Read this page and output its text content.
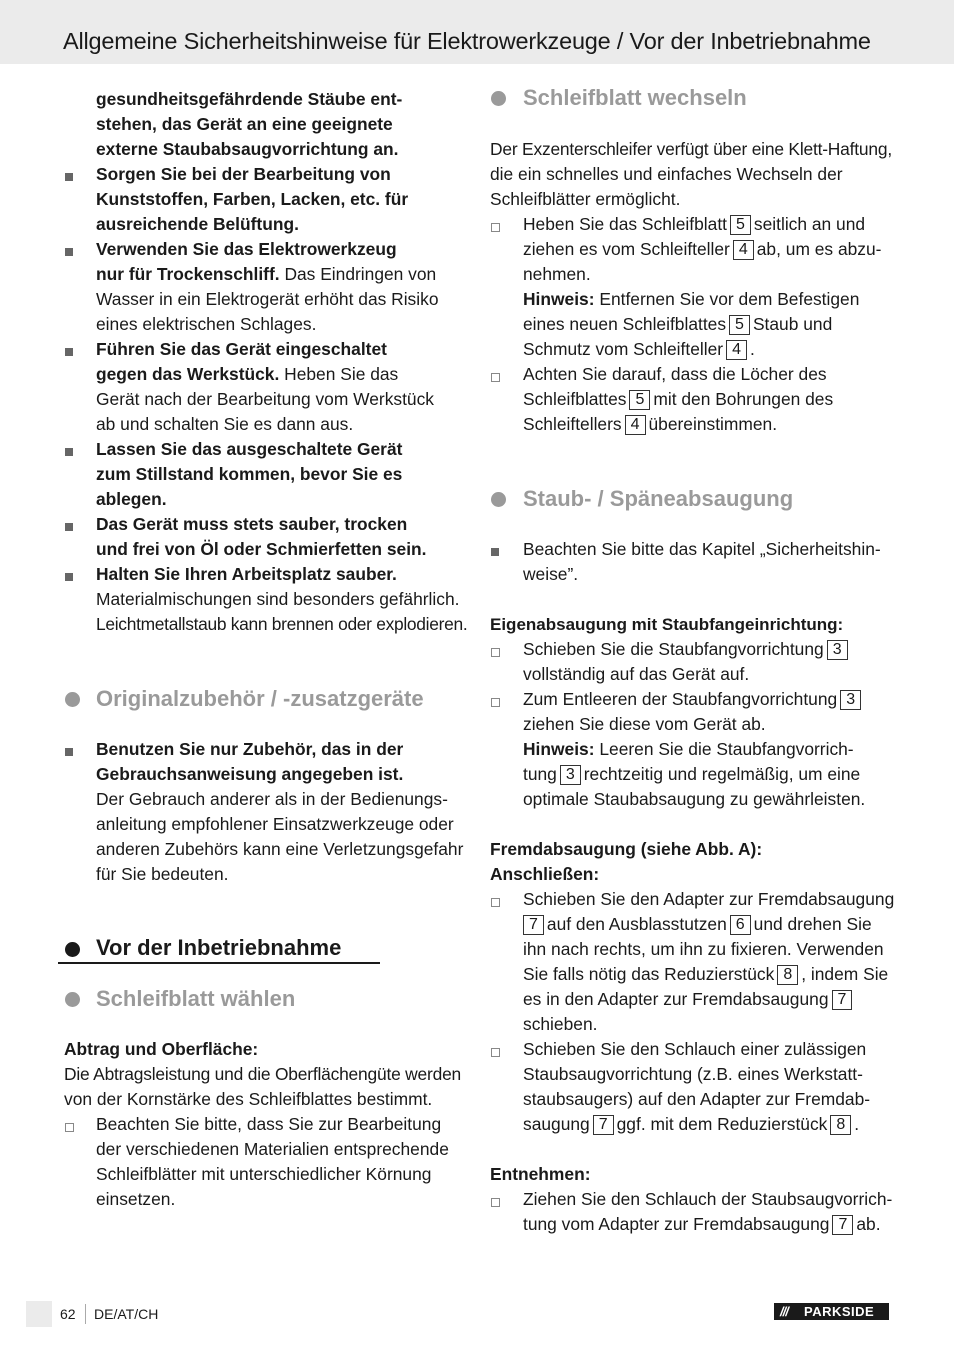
Allgemeine Sicherheitshinweise für Elektrowerkzeuge / Vor der Inbetriebnahme
gesundheitsgefährdende Stäube ent-
stehen, das Gerät an eine geeignete
externe Staubabsaugvorrichtung an.
Sorgen Sie bei der Bearbeitung von
Kunststoffen, Farben, Lacken, etc. für
ausreichende Belüftung.
Verwenden Sie das Elektrowerkzeug
nur für Trockenschliff. Das Eindringen von
Wasser in ein Elektrogerät erhöht das Risiko
eines elektrischen Schlages.
Führen Sie das Gerät eingeschaltet
gegen das Werkstück. Heben Sie das
Gerät nach der Bearbeitung vom Werkstück
ab und schalten Sie es dann aus.
Lassen Sie das ausgeschaltete Gerät
zum Stillstand kommen, bevor Sie es
ablegen.
Das Gerät muss stets sauber, trocken
und frei von Öl oder Schmierfetten sein.
Halten Sie Ihren Arbeitsplatz sauber.
Materialmischungen sind besonders gefährlich.
Leichtmetallstaub kann brennen oder explodieren.
Originalzubehör / -zusatzgeräte
Benutzen Sie nur Zubehör, das in der
Gebrauchsanweisung angegeben ist.
Der Gebrauch anderer als in der Bedienungs-
anleitung empfohlener Einsatzwerkzeuge oder
anderen Zubehörs kann eine Verletzungsgefahr
für Sie bedeuten.
Vor der Inbetriebnahme
Schleifblatt wählen
Abtrag und Oberfläche:
Die Abtragsleistung und die Oberflächengüte werden
von der Kornstärke des Schleifblattes bestimmt.
Beachten Sie bitte, dass Sie zur Bearbeitung
der verschiedenen Materialien entsprechende
Schleifblätter mit unterschiedlicher Körnung
einsetzen.
Schleifblatt wechseln
Der Exzenterschleifer verfügt über eine Klett-Haftung,
die ein schnelles und einfaches Wechseln der
Schleifblätter ermöglicht.
Heben Sie das Schleifblatt 5 seitlich an und
ziehen es vom Schleifteller 4 ab, um es abzu-
nehmen.
Hinweis: Entfernen Sie vor dem Befestigen
eines neuen Schleifblattes 5 Staub und
Schmutz vom Schleifteller 4 .
Achten Sie darauf, dass die Löcher des
Schleifblattes 5 mit den Bohrungen des
Schleiftellers 4 übereinstimmen.
Staub- / Späneabsaugung
Beachten Sie bitte das Kapitel „Sicherheitshin-
weise”.
Eigenabsaugung mit Staubfangeinrichtung:
Schieben Sie die Staubfangvorrichtung 3
vollständig auf das Gerät auf.
Zum Entleeren der Staubfangvorrichtung 3
ziehen Sie diese vom Gerät ab.
Hinweis: Leeren Sie die Staubfangvorrich-
tung 3 rechtzeitig und regelmäßig, um eine
optimale Staubabsaugung zu gewährleisten.
Fremdabsaugung (siehe Abb. A):
Anschließen:
Schieben Sie den Adapter zur Fremdabsaugung
7 auf den Ausblasstutzen 6 und drehen Sie
ihn nach rechts, um ihn zu fixieren. Verwenden
Sie falls nötig das Reduzierstück 8 , indem Sie
es in den Adapter zur Fremdabsaugung 7
schieben.
Schieben Sie den Schlauch einer zulässigen
Staubsaugvorrichtung (z.B. eines Werkstatt-
staubsaugers) auf den Adapter zur Fremdab-
saugung 7 ggf. mit dem Reduzierstück 8 .
Entnehmen:
Ziehen Sie den Schlauch der Staubsaugvorrich-
tung vom Adapter zur Fremdabsaugung 7 ab.
62 DE/AT/CH	/// PARKSIDE
